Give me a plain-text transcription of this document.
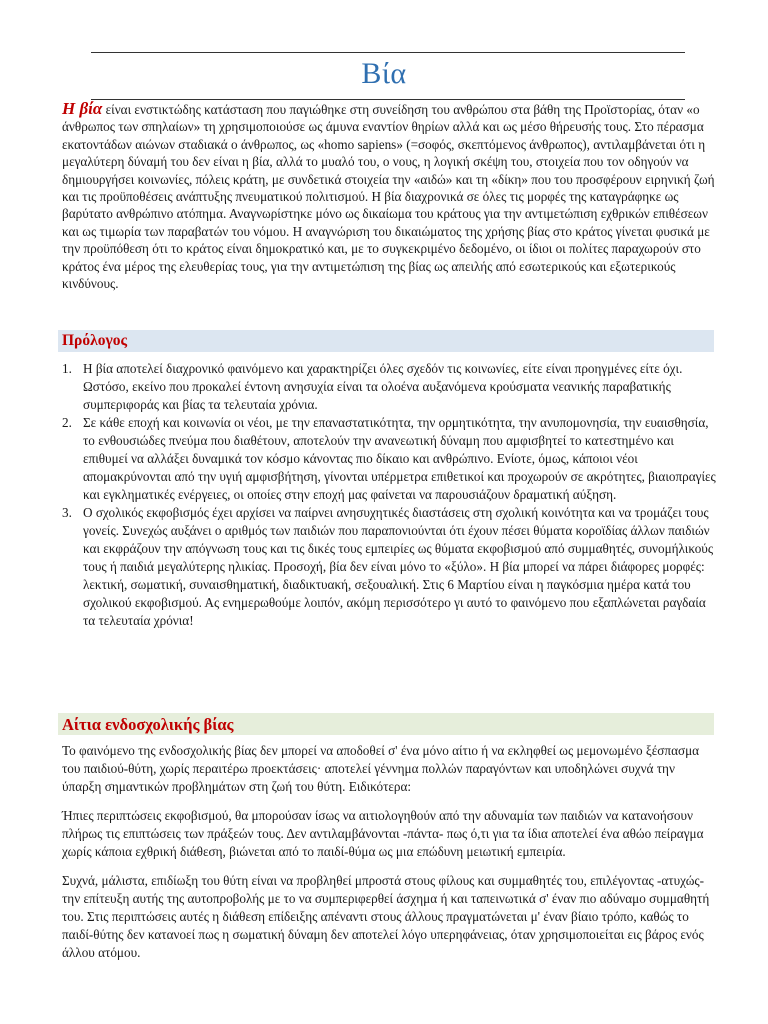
Βία

Η βία είναι ενστικτώδης κατάσταση που παγιώθηκε στη συνείδηση του ανθρώπου στα βάθη της Προϊστορίας, όταν «ο άνθρωπος των σπηλαίων» τη χρησιμοποιούσε ως άμυνα εναντίον θηρίων αλλά και ως μέσο θήρευσής τους. Στο πέρασμα εκατοντάδων αιώνων σταδιακά ο άνθρωπος, ως «homo sapiens» (=σοφός, σκεπτόμενος άνθρωπος), αντιλαμβάνεται ότι η μεγαλύτερη δύναμή του δεν είναι η βία, αλλά το μυαλό του, ο νους, η λογική σκέψη του, στοιχεία που τον οδηγούν να δημιουργήσει κοινωνίες, πόλεις κράτη, με συνδετικά στοιχεία την «αιδώ» και τη «δίκη» που του προσφέρουν ειρηνική ζωή και τις προϋποθέσεις ανάπτυξης πνευματικού πολιτισμού. Η βία διαχρονικά σε όλες τις μορφές της καταγράφηκε ως βαρύτατο ανθρώπινο ατόπημα. Αναγνωρίστηκε μόνο ως δικαίωμα του κράτους για την αντιμετώπιση εχθρικών επιθέσεων και ως τιμωρία των παραβατών του νόμου. Η αναγνώριση του δικαιώματος της χρήσης βίας στο κράτος γίνεται φυσικά με την προϋπόθεση ότι το κράτος είναι δημοκρατικό και, με το συγκεκριμένο δεδομένο, οι ίδιοι οι πολίτες παραχωρούν στο κράτος ένα μέρος της ελευθερίας τους, για την αντιμετώπιση της βίας ως απειλής από εσωτερικούς και εξωτερικούς κινδύνους.

Πρόλογος
1. Η βία αποτελεί διαχρονικό φαινόμενο και χαρακτηρίζει όλες σχεδόν τις κοινωνίες, είτε είναι προηγμένες είτε όχι. Ωστόσο, εκείνο που προκαλεί έντονη ανησυχία είναι τα ολοένα αυξανόμενα κρούσματα νεανικής παραβατικής συμπεριφοράς και βίας τα τελευταία χρόνια.
2. Σε κάθε εποχή και κοινωνία οι νέοι, με την επαναστατικότητα, την ορμητικότητα, την ανυπομονησία, την ευαισθησία, το ενθουσιώδες πνεύμα που διαθέτουν, αποτελούν την ανανεωτική δύναμη που αμφισβητεί το κατεστημένο και επιθυμεί να αλλάξει δυναμικά τον κόσμο κάνοντας πιο δίκαιο και ανθρώπινο. Ενίοτε, όμως, κάποιοι νέοι απομακρύνονται από την υγιή αμφισβήτηση, γίνονται υπέρμετρα επιθετικοί και προχωρούν σε ακρότητες, βιαιοπραγίες και εγκληματικές ενέργειες, οι οποίες στην εποχή μας φαίνεται να παρουσιάζουν δραματική αύξηση.
3. Ο σχολικός εκφοβισμός έχει αρχίσει να παίρνει ανησυχητικές διαστάσεις στη σχολική κοινότητα και να τρομάζει τους γονείς. Συνεχώς αυξάνει ο αριθμός των παιδιών που παραπονιούνται ότι έχουν πέσει θύματα κοροϊδίας άλλων παιδιών και εκφράζουν την απόγνωση τους και τις δικές τους εμπειρίες ως θύματα εκφοβισμού από συμμαθητές, συνομήλικούς τους ή παιδιά μεγαλύτερης ηλικίας. Προσοχή, βία δεν είναι μόνο το «ξύλο». Η βία μπορεί να πάρει διάφορες μορφές: λεκτική, σωματική, συναισθηματική, διαδικτυακή, σεξουαλική. Στις 6 Μαρτίου είναι η παγκόσμια ημέρα κατά του σχολικού εκφοβισμού. Ας ενημερωθούμε λοιπόν, ακόμη περισσότερο γι αυτό το φαινόμενο που εξαπλώνεται ραγδαία τα τελευταία χρόνια!
Αίτια ενδοσχολικής βίας

Το φαινόμενο της ενδοσχολικής βίας δεν μπορεί να αποδοθεί σ' ένα μόνο αίτιο ή να εκληφθεί ως μεμονωμένο ξέσπασμα του παιδιού-θύτη, χωρίς περαιτέρω προεκτάσεις· αποτελεί γέννημα πολλών παραγόντων και υποδηλώνει συχνά την ύπαρξη σημαντικών προβλημάτων στη ζωή του θύτη. Ειδικότερα:

Ήπιες περιπτώσεις εκφοβισμού, θα μπορούσαν ίσως να αιτιολογηθούν από την αδυναμία των παιδιών να κατανοήσουν πλήρως τις επιπτώσεις των πράξεών τους. Δεν αντιλαμβάνονται -πάντα- πως ό,τι για τα ίδια αποτελεί ένα αθώο πείραγμα χωρίς κάποια εχθρική διάθεση, βιώνεται από το παιδί-θύμα ως μια επώδυνη μειωτική εμπειρία.

Συχνά, μάλιστα, επιδίωξη του θύτη είναι να προβληθεί μπροστά στους φίλους και συμμαθητές του, επιλέγοντας -ατυχώς-την επίτευξη αυτής της αυτοπροβολής με το να συμπεριφερθεί άσχημα ή και ταπεινωτικά σ' έναν πιο αδύναμο συμμαθητή του. Στις περιπτώσεις αυτές η διάθεση επίδειξης απέναντι στους άλλους πραγματώνεται μ' έναν βίαιο τρόπο, καθώς το παιδί-θύτης δεν κατανοεί πως η σωματική δύναμη δεν αποτελεί λόγο υπερηφάνειας, όταν χρησιμοποιείται εις βάρος ενός άλλου ατόμου.
